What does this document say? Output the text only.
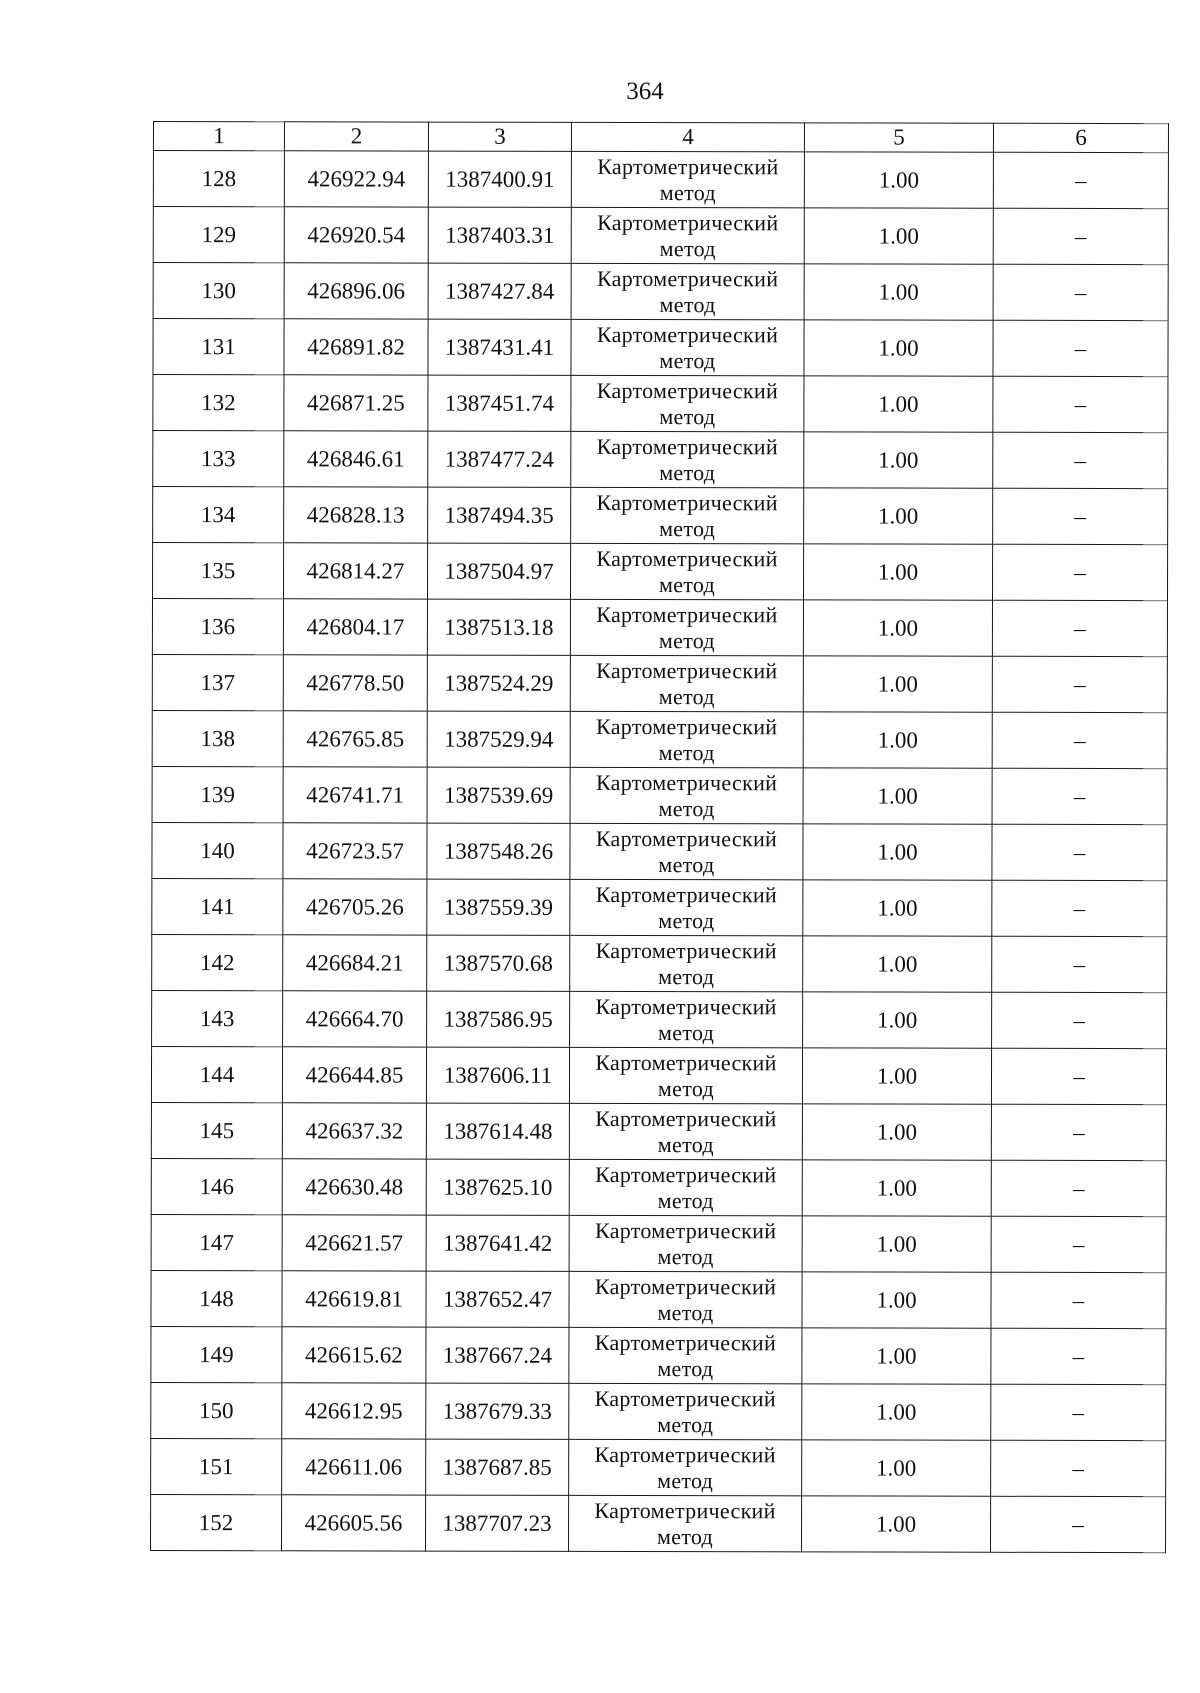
364
1	2	3	4	5	6
128	426922.94	1387400.91	Картометрический
метод	1.00	–
129	426920.54	1387403.31	Картометрический
метод	1.00	–
130	426896.06	1387427.84	Картометрический
метод	1.00	–
131	426891.82	1387431.41	Картометрический
метод	1.00	–
132	426871.25	1387451.74	Картометрический
метод	1.00	–
133	426846.61	1387477.24	Картометрический
метод	1.00	–
134	426828.13	1387494.35	Картометрический
метод	1.00	–
135	426814.27	1387504.97	Картометрический
метод	1.00	–
136	426804.17	1387513.18	Картометрический
метод	1.00	–
137	426778.50	1387524.29	Картометрический
метод	1.00	–
138	426765.85	1387529.94	Картометрический
метод	1.00	–
139	426741.71	1387539.69	Картометрический
метод	1.00	–
140	426723.57	1387548.26	Картометрический
метод	1.00	–
141	426705.26	1387559.39	Картометрический
метод	1.00	–
142	426684.21	1387570.68	Картометрический
метод	1.00	–
143	426664.70	1387586.95	Картометрический
метод	1.00	–
144	426644.85	1387606.11	Картометрический
метод	1.00	–
145	426637.32	1387614.48	Картометрический
метод	1.00	–
146	426630.48	1387625.10	Картометрический
метод	1.00	–
147	426621.57	1387641.42	Картометрический
метод	1.00	–
148	426619.81	1387652.47	Картометрический
метод	1.00	–
149	426615.62	1387667.24	Картометрический
метод	1.00	–
150	426612.95	1387679.33	Картометрический
метод	1.00	–
151	426611.06	1387687.85	Картометрический
метод	1.00	–
152	426605.56	1387707.23	Картометрический
метод	1.00	–
